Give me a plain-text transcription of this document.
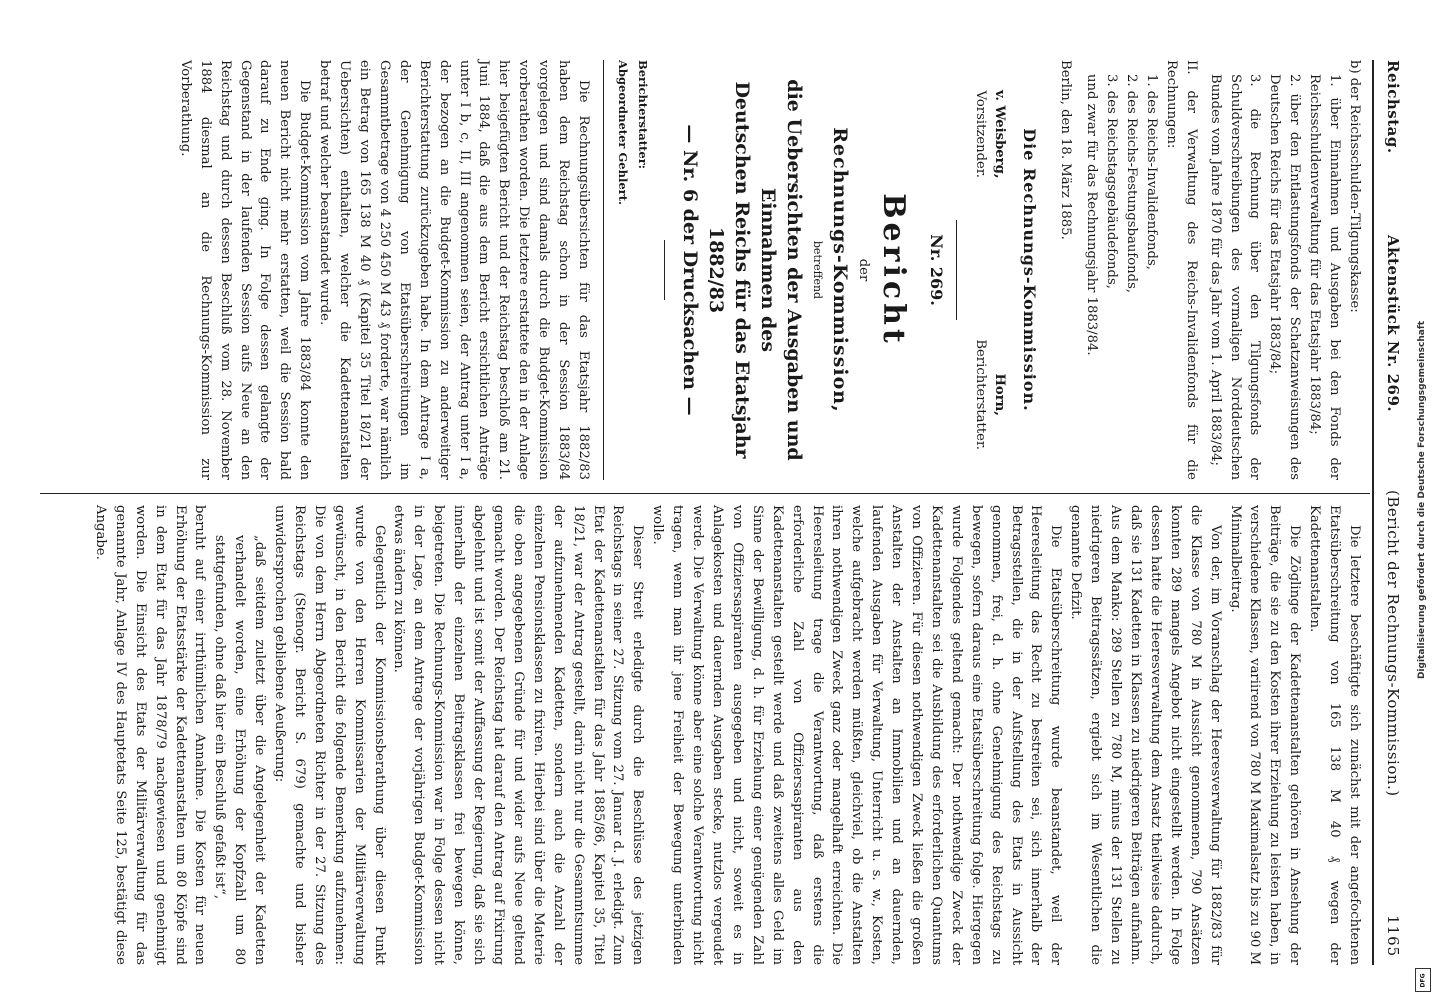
Reichstag.
Aktenstück Nr. 269.
(Bericht der Rechnungs-Kommission.)
1165

b) der Reichsschulden-Tilgungskasse:

1. über Einnahmen und Ausgaben bei den Fonds der Reichsschuldenverwaltung für das Etatsjahr 1883/84;

2. über den Entlastungsfonds der Schatzanweisungen des Deutschen Reichs für das Etatsjahr 1883/84;

3. die Rechnung über den Tilgungsfonds der Schuldverschreibungen des vormaligen Norddeutschen Bundes vom Jahre 1870 für das Jahr vom 1. April 1883/84;

II. der Verwaltung des Reichs-Invalidenfonds für die Rechnungen:

1. des Reichs-Invalidenfonds,

2. des Reichs-Festungsbaufonds,

3. des Reichstagsgebäudefonds,

und zwar für das Rechnungsjahr 1883/84.

Berlin, den 18. März 1885.

Die Rechnungs-Kommission.

v. Weisberg,
Vorsitzender.
Horn,
Berichterstatter.

Nr. 269.

Bericht

der

Rechnungs-Kommission,

betreffend

die Uebersichten der Ausgaben und Einnahmen des

Deutschen Reichs für das Etatsjahr 1882/83

— Nr. 6 der Drucksachen —

Berichterstatter:

Abgeordneter Gehlert.

Die Rechnungsübersichten für das Etatsjahr 1882/83 haben dem Reichstag schon in der Session 1883/84 vorgelegen und sind damals durch die Budget-Kommission vorberathen worden. Die letztere erstattete den in der Anlage hier beigefügten Bericht und der Reichstag beschloß am 21. Juni 1884, daß die aus dem Bericht ersichtlichen Anträge unter I b, c, II, III angenommen seien, der Antrag unter I a, der bezogen an die Budget-Kommission zu anderweitiger Berichterstattung zurückzugeben habe. In dem Antrage I a, der Genehmigung von Etatsüberschreitungen im Gesammtbetrage von 4 250 450 M 43 ₰ forderte, war nämlich ein Betrag von 165 138 M 40 ₰ (Kapitel 35 Titel 18/21 der Uebersichten) enthalten, welcher die Kadettenanstalten betraf und welcher beanstandet wurde.

Die Budget-Kommission vom Jahre 1883/84 konnte den neuen Bericht nicht mehr erstatten, weil die Session bald darauf zu Ende ging. In Folge dessen gelangte der Gegenstand in der laufenden Session aufs Neue an den Reichstag und durch dessen Beschluß vom 28. November 1884 diesmal an die Rechnungs-Kommission zur Vorberathung.

Die letztere beschäftigte sich zunächst mit der angefochtenen Etatsüberschreitung von 165 138 M 40 ₰ wegen der Kadettenanstalten.

Die Zöglinge der Kadettenanstalten gehören in Ansehung der Beiträge, die sie zu den Kosten ihrer Erziehung zu leisten haben, in verschiedene Klassen, variirend von 780 M Maximalsatz bis zu 90 M Minimalbeitrag.

Von der, im Voranschlag der Heeresverwaltung für 1882/83 für die Klasse von 780 M in Aussicht genommenen, 790 Ansätzen konnten 289 mangels Angebot nicht eingestellt werden. In Folge dessen hatte die Heeresverwaltung dem Ansatz theilweise dadurch, daß sie 131 Kadetten in Klassen zu niedrigeren Beiträgen aufnahm. Aus dem Manko: 289 Stellen zu 780 M, minus der 131 Stellen zu niedrigeren Beitragssätzen, ergiebt sich im Wesentlichen die genannte Defizit.

Die Etatsüberschreitung wurde beanstandet, weil der Heeresleitung das Recht zu bestreiten sei, sich innerhalb der Betragsstellen, die in der Aufstellung des Etats in Aussicht genommen, frei, d. h. ohne Genehmigung des Reichstags zu bewegen, sofern daraus eine Etatsüberschreitung folge. Hiergegen wurde Folgendes geltend gemacht: Der nothwendige Zweck der Kadettenanstalten sei die Ausbildung des erforderlichen Quantums von Offizieren. Für diesen nothwendigen Zweck ließen die großen Anstalten der Anstalten an Immobilien und an dauernden, laufenden Ausgaben für Verwaltung, Unterricht u. s. w., Kosten, welche aufgebracht werden müßten, gleichviel, ob die Anstalten ihren nothwendigen Zweck ganz oder mangelhaft erreichten. Die Heeresleitung trage die Verantwortung, daß erstens die erforderliche Zahl von Offiziersaspiranten aus den Kadettenanstalten gestellt werde und daß zweitens alles Geld im Sinne der Bewilligung, d. h. für Erziehung einer genügenden Zahl von Offiziersaspiranten ausgegeben und nicht, soweit es in Anlagekosten und dauernden Ausgaben stecke, nutzlos vergeudet werde. Die Verwaltung könne aber eine solche Verantwortung nicht tragen, wenn man ihr jene Freiheit der Bewegung unterbinden wolle.

Dieser Streit erledigte durch die Beschlüsse des jetzigen Reichstags in seiner 27. Sitzung vom 27. Januar d. J. erledigt. Zum Etat der Kadettenanstalten für das Jahr 1885/86, Kapitel 35, Titel 18/21, war der Antrag gestellt, darin nicht nur die Gesammtsumme der aufzunehmenden Kadetten, sondern auch die Anzahl der einzelnen Pensionsklassen zu fixiren. Hierbei sind über die Materie die oben angegebenen Gründe für und wider aufs Neue geltend gemacht worden. Der Reichstag hat darauf den Antrag auf Fixirung abgelehnt und ist somit der Auffassung der Regierung, daß sie sich innerhalb der einzelnen Beitragsklassen frei bewegen könne, beigetreten. Die Rechnungs-Kommission war in Folge dessen nicht in der Lage, an dem Antrage der vorjährigen Budget-Kommission etwas ändern zu können.

Gelegentlich der Kommissionsberathung über diesen Punkt wurde von den Herren Kommissarien der Militärverwaltung gewünscht, in den Bericht die folgende Bemerkung aufzunehmen: Die von dem Herrn Abgeordneten Richter in der 27. Sitzung des Reichstags (Stenogr. Bericht S. 679) gemachte und bisher unwidersprochen gebliebene Aeußerung:

„daß seitdem zuletzt über die Angelegenheit der Kadetten verhandelt worden, eine Erhöhung der Kopfzahl um 80 stattgefunden, ohne daß hier ein Beschluß gefaßt ist“,

beruht auf einer irrthümlichen Annahme. Die Kosten für neuen Erhöhung der Etatsstärke der Kadettenanstalten um 80 Köpfe sind in dem Etat für das Jahr 1878/79 nachgewiesen und genehmigt worden. Die Einsicht des Etats der Militärverwaltung für das genannte Jahr, Anlage IV des Hauptetats Seite 125, bestätigt diese Angabe.	Digitalisierung gefördert durch die Deutsche Forschungsgemeinschaft
DFG
